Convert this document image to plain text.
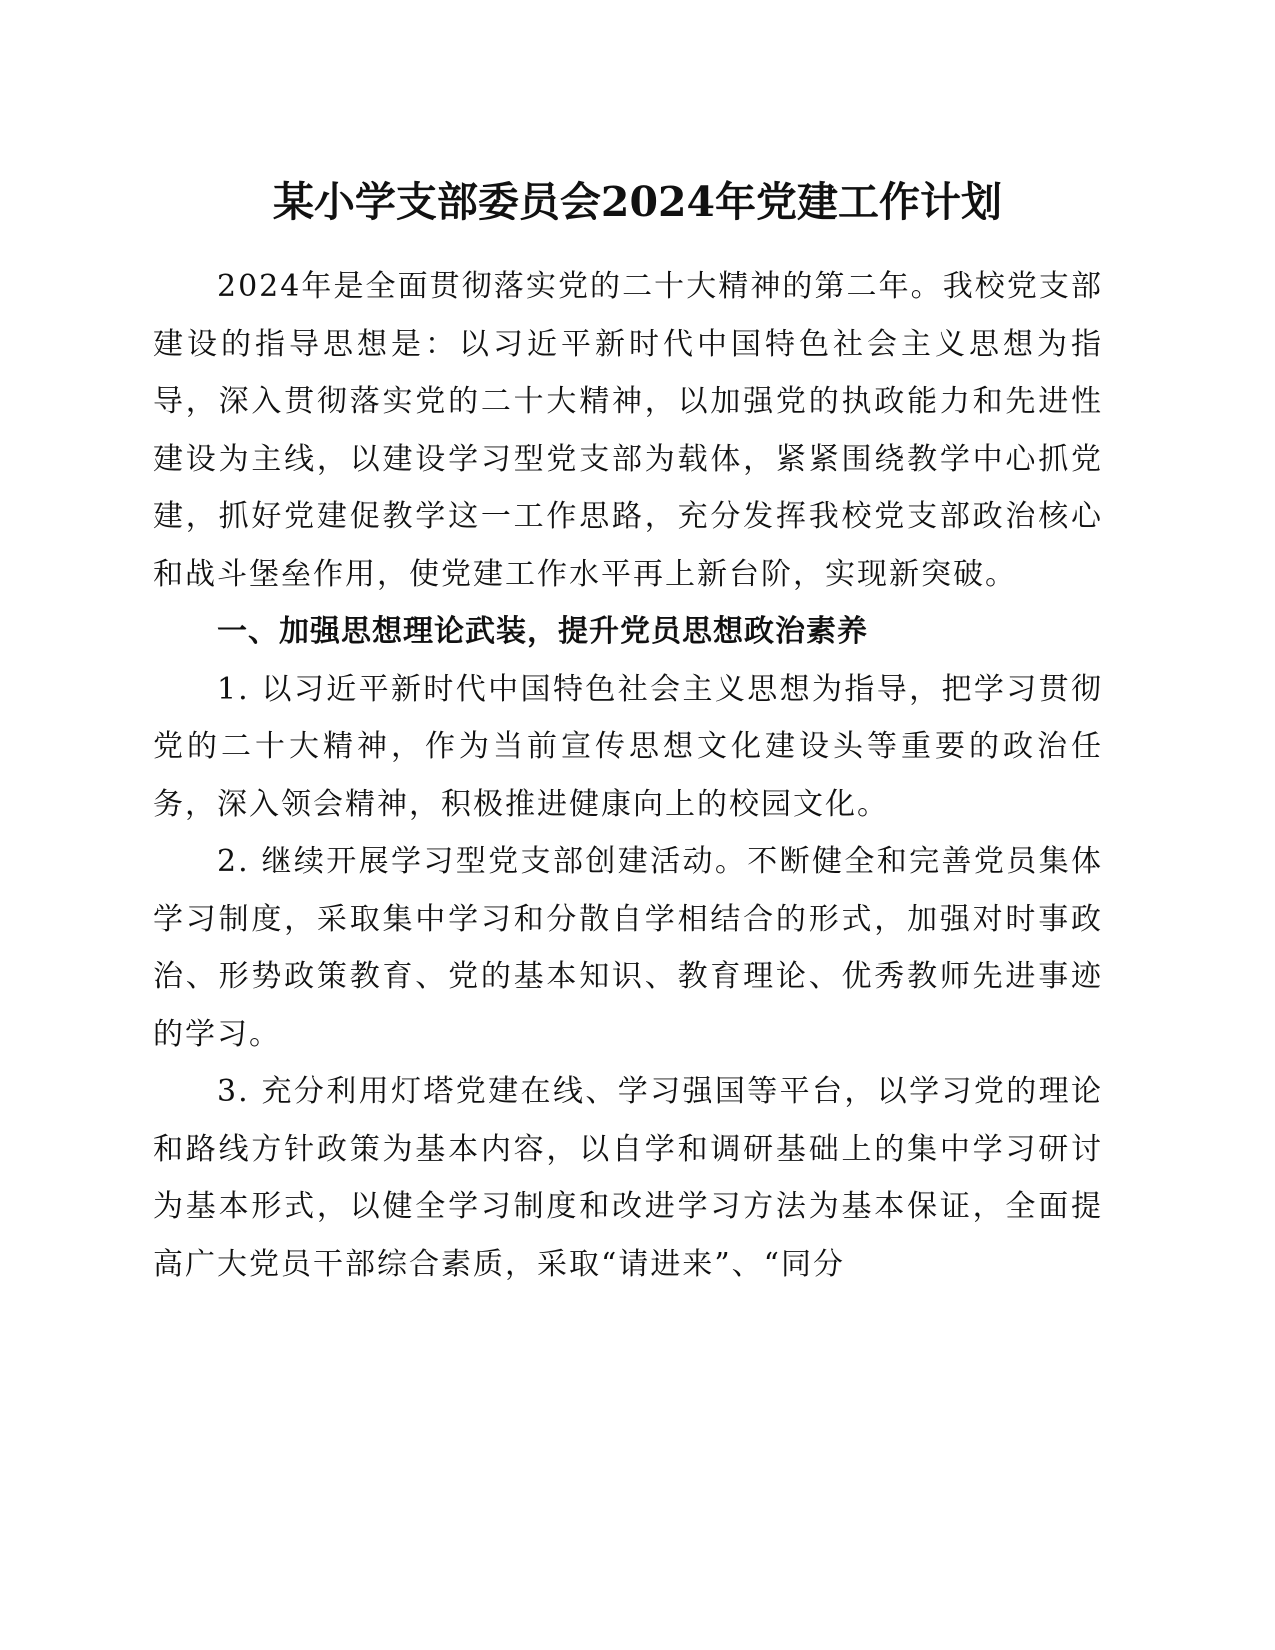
某小学支部委员会2024年党建工作计划

2024年是全面贯彻落实党的二十大精神的第二年。我校党支部建设的指导思想是：以习近平新时代中国特色社会主义思想为指导，深入贯彻落实党的二十大精神，以加强党的执政能力和先进性建设为主线，以建设学习型党支部为载体，紧紧围绕教学中心抓党建，抓好党建促教学这一工作思路，充分发挥我校党支部政治核心和战斗堡垒作用，使党建工作水平再上新台阶，实现新突破。

一、加强思想理论武装，提升党员思想政治素养

1. 以习近平新时代中国特色社会主义思想为指导，把学习贯彻党的二十大精神，作为当前宣传思想文化建设头等重要的政治任务，深入领会精神，积极推进健康向上的校园文化。

2. 继续开展学习型党支部创建活动。不断健全和完善党员集体学习制度，采取集中学习和分散自学相结合的形式，加强对时事政治、形势政策教育、党的基本知识、教育理论、优秀教师先进事迹的学习。

3. 充分利用灯塔党建在线、学习强国等平台，以学习党的理论和路线方针政策为基本内容，以自学和调研基础上的集中学习研讨为基本形式，以健全学习制度和改进学习方法为基本保证，全面提高广大党员干部综合素质，采取“请进来”、“同分
